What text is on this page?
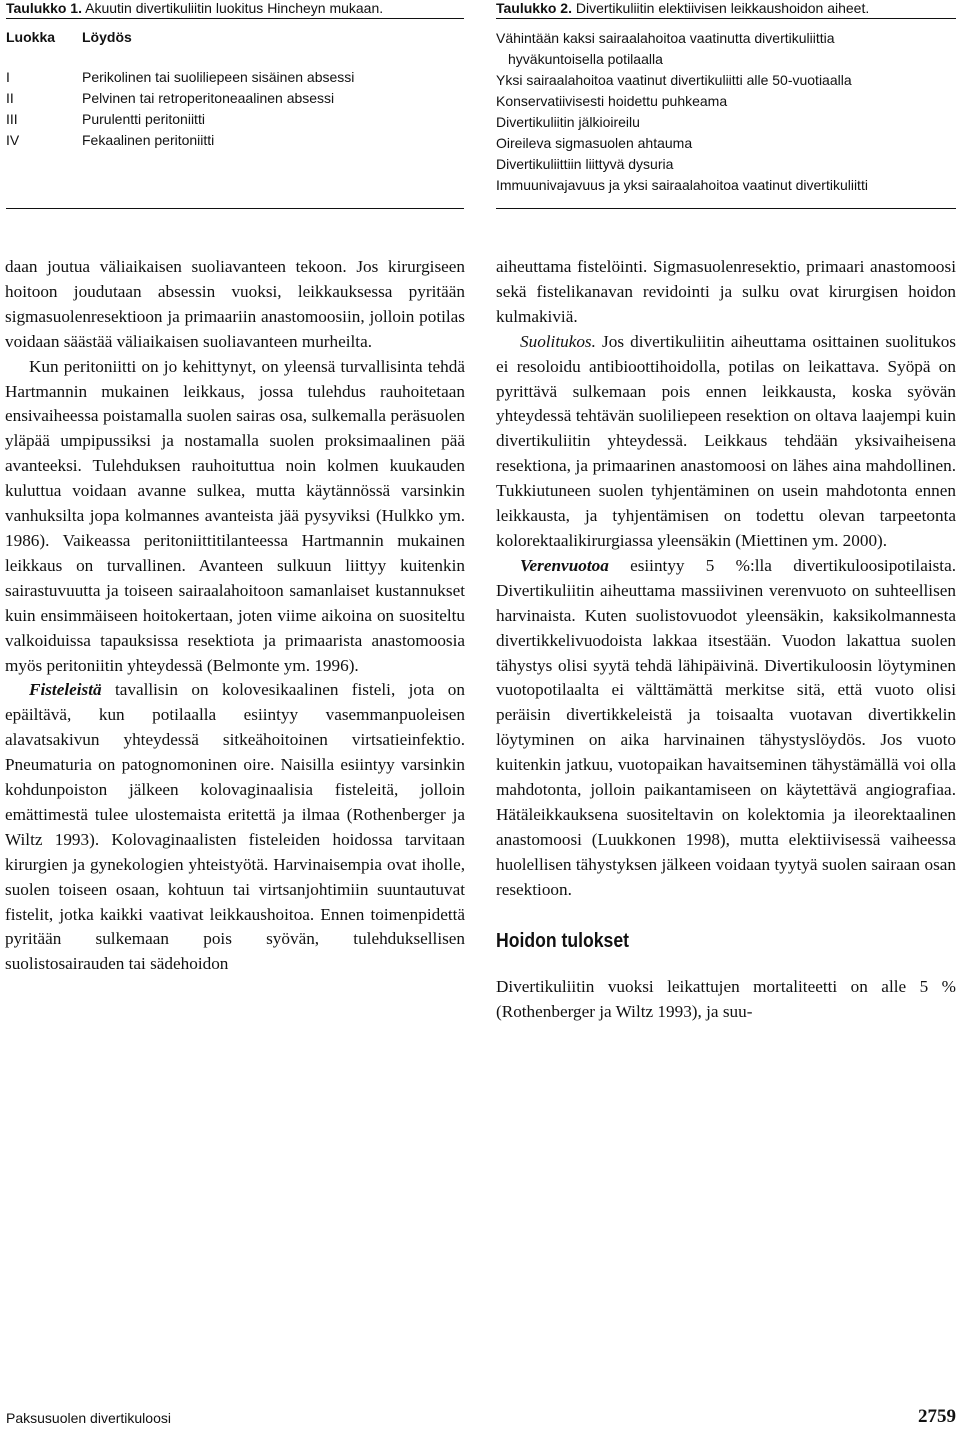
Taulukko 1. Akuutin divertikuliitin luokitus Hincheyn mukaan.
Luokka	Löydös
I	Perikolinen tai suoliliepeen sisäinen absessi
II	Pelvinen tai retroperitoneaalinen absessi
III	Purulentti peritoniitti
IV	Fekaalinen peritoniitti
Taulukko 2. Divertikuliitin elektiivisen leikkaushoidon aiheet.
Vähintään kaksi sairaalahoitoa vaatinutta divertikuliittia
hyväkuntoisella potilaalla
Yksi sairaalahoitoa vaatinut divertikuliitti alle 50-vuotiaalla
Konservatiivisesti hoidettu puhkeama
Divertikuliitin jälkioireilu
Oireileva sigmasuolen ahtauma
Divertikuliittiin liittyvä dysuria
Immuunivajavuus ja yksi sairaalahoitoa vaatinut divertikuliitti

daan joutua väliaikaisen suoliavanteen tekoon. Jos kirurgiseen hoitoon joudutaan absessin vuoksi, leikkauksessa pyritään sigmasuolenresektioon ja primaariin anastomoosiin, jolloin potilas voidaan säästää väliaikaisen suoliavanteen murheilta.

Kun peritoniitti on jo kehittynyt, on yleensä turvallisinta tehdä Hartmannin mukainen leikkaus, jossa tulehdus rauhoitetaan ensivaiheessa poistamalla suolen sairas osa, sulkemalla peräsuolen yläpää umpipussiksi ja nostamalla suolen proksimaalinen pää avanteeksi. Tulehduksen rauhoituttua noin kolmen kuukauden kuluttua voidaan avanne sulkea, mutta käytännössä varsinkin vanhuksilta jopa kolmannes avanteista jää pysyviksi (Hulkko ym. 1986). Vaikeassa peritoniittitilanteessa Hartmannin mukainen leikkaus on turvallinen. Avanteen sulkuun liittyy kuitenkin sairastuvuutta ja toiseen sairaalahoitoon samanlaiset kustannukset kuin ensimmäiseen hoitokertaan, joten viime aikoina on suositeltu valkoiduissa tapauksissa resektiota ja primaarista anastomoosia myös peritoniitin yhteydessä (Belmonte ym. 1996).

Fisteleistä tavallisin on kolovesikaalinen fisteli, jota on epäiltävä, kun potilaalla esiintyy vasemmanpuoleisen alavatsakivun yhteydessä sitkeähoitoinen virtsatieinfektio. Pneumaturia on patognomoninen oire. Naisilla esiintyy varsinkin kohdunpoiston jälkeen kolovaginaalisia fisteleitä, jolloin emättimestä tulee ulostemaista eritettä ja ilmaa (Rothenberger ja Wiltz 1993). Kolovaginaalisten fisteleiden hoidossa tarvitaan kirurgien ja gynekologien yhteistyötä. Harvinaisempia ovat iholle, suolen toiseen osaan, kohtuun tai virtsanjohtimiin suuntautuvat fistelit, jotka kaikki vaativat leikkaushoitoa. Ennen toimenpidettä pyritään sulkemaan pois syövän, tulehduksellisen suolistosairauden tai sädehoidon

aiheuttama fistelöinti. Sigmasuolenresektio, primaari anastomoosi sekä fistelikanavan revidointi ja sulku ovat kirurgisen hoidon kulmakiviä.

Suolitukos. Jos divertikuliitin aiheuttama osittainen suolitukos ei resoloidu antibioottihoidolla, potilas on leikattava. Syöpä on pyrittävä sulkemaan pois ennen leikkausta, koska syövän yhteydessä tehtävän suoliliepeen resektion on oltava laajempi kuin divertikuliitin yhteydessä. Leikkaus tehdään yksivaiheisena resektiona, ja primaarinen anastomoosi on lähes aina mahdollinen. Tukkiutuneen suolen tyhjentäminen on usein mahdotonta ennen leikkausta, ja tyhjentämisen on todettu olevan tarpeetonta kolorektaalikirurgiassa yleensäkin (Miettinen ym. 2000).

Verenvuotoa esiintyy 5 %:lla divertikuloosipotilaista. Divertikuliitin aiheuttama massiivinen verenvuoto on suhteellisen harvinaista. Kuten suolistovuodot yleensäkin, kaksikolmannesta divertikkelivuodoista lakkaa itsestään. Vuodon lakattua suolen tähystys olisi syytä tehdä lähipäivinä. Divertikuloosin löytyminen vuotopotilaalta ei välttämättä merkitse sitä, että vuoto olisi peräisin divertikkeleistä ja toisaalta vuotavan divertikkelin löytyminen on aika harvinainen tähystyslöydös. Jos vuoto kuitenkin jatkuu, vuotopaikan havaitseminen tähystämällä voi olla mahdotonta, jolloin paikantamiseen on käytettävä angiografiaa. Hätäleikkauksena suositeltavin on kolektomia ja ileorektaalinen anastomoosi (Luukkonen 1998), mutta elektiivisessä vaiheessa huolellisen tähystyksen jälkeen voidaan tyytyä suolen sairaan osan resektioon.

Hoidon tulokset

Divertikuliitin vuoksi leikattujen mortaliteetti on alle 5 % (Rothenberger ja Wiltz 1993), ja suu-

Paksusuolen divertikuloosi	2759
